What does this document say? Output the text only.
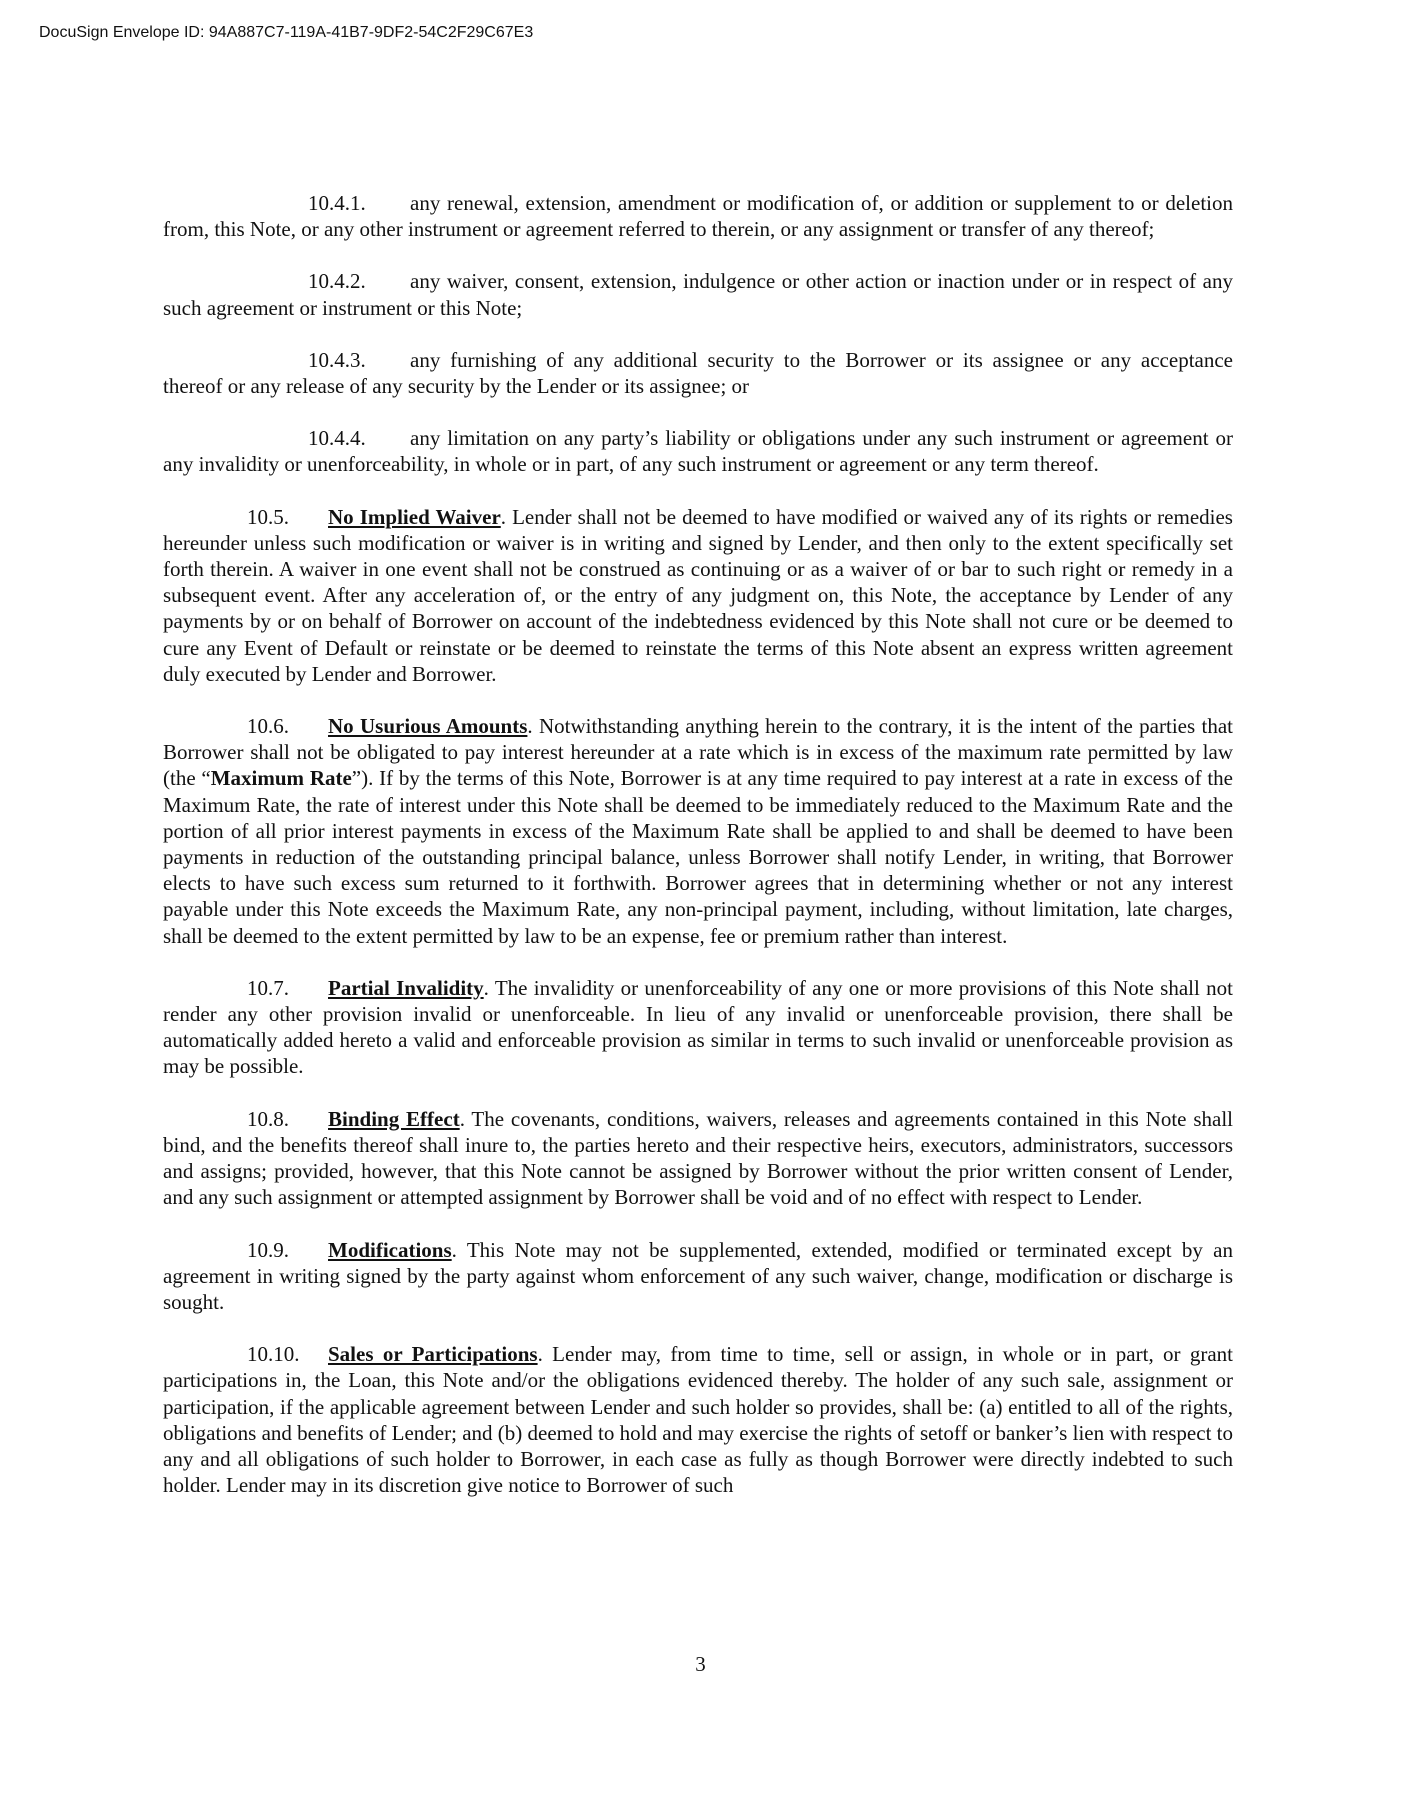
DocuSign Envelope ID: 94A887C7-119A-41B7-9DF2-54C2F29C67E3

10.4.1. any renewal, extension, amendment or modification of, or addition or supplement to or deletion from, this Note, or any other instrument or agreement referred to therein, or any assignment or transfer of any thereof;

10.4.2. any waiver, consent, extension, indulgence or other action or inaction under or in respect of any such agreement or instrument or this Note;

10.4.3. any furnishing of any additional security to the Borrower or its assignee or any acceptance thereof or any release of any security by the Lender or its assignee; or

10.4.4. any limitation on any party’s liability or obligations under any such instrument or agreement or any invalidity or unenforceability, in whole or in part, of any such instrument or agreement or any term thereof.

10.5. No Implied Waiver. Lender shall not be deemed to have modified or waived any of its rights or remedies hereunder unless such modification or waiver is in writing and signed by Lender, and then only to the extent specifically set forth therein. A waiver in one event shall not be construed as continuing or as a waiver of or bar to such right or remedy in a subsequent event. After any acceleration of, or the entry of any judgment on, this Note, the acceptance by Lender of any payments by or on behalf of Borrower on account of the indebtedness evidenced by this Note shall not cure or be deemed to cure any Event of Default or reinstate or be deemed to reinstate the terms of this Note absent an express written agreement duly executed by Lender and Borrower.

10.6. No Usurious Amounts. Notwithstanding anything herein to the contrary, it is the intent of the parties that Borrower shall not be obligated to pay interest hereunder at a rate which is in excess of the maximum rate permitted by law (the “Maximum Rate”). If by the terms of this Note, Borrower is at any time required to pay interest at a rate in excess of the Maximum Rate, the rate of interest under this Note shall be deemed to be immediately reduced to the Maximum Rate and the portion of all prior interest payments in excess of the Maximum Rate shall be applied to and shall be deemed to have been payments in reduction of the outstanding principal balance, unless Borrower shall notify Lender, in writing, that Borrower elects to have such excess sum returned to it forthwith. Borrower agrees that in determining whether or not any interest payable under this Note exceeds the Maximum Rate, any non-principal payment, including, without limitation, late charges, shall be deemed to the extent permitted by law to be an expense, fee or premium rather than interest.

10.7. Partial Invalidity. The invalidity or unenforceability of any one or more provisions of this Note shall not render any other provision invalid or unenforceable. In lieu of any invalid or unenforceable provision, there shall be automatically added hereto a valid and enforceable provision as similar in terms to such invalid or unenforceable provision as may be possible.

10.8. Binding Effect. The covenants, conditions, waivers, releases and agreements contained in this Note shall bind, and the benefits thereof shall inure to, the parties hereto and their respective heirs, executors, administrators, successors and assigns; provided, however, that this Note cannot be assigned by Borrower without the prior written consent of Lender, and any such assignment or attempted assignment by Borrower shall be void and of no effect with respect to Lender.

10.9. Modifications. This Note may not be supplemented, extended, modified or terminated except by an agreement in writing signed by the party against whom enforcement of any such waiver, change, modification or discharge is sought.

10.10. Sales or Participations. Lender may, from time to time, sell or assign, in whole or in part, or grant participations in, the Loan, this Note and/or the obligations evidenced thereby. The holder of any such sale, assignment or participation, if the applicable agreement between Lender and such holder so provides, shall be: (a) entitled to all of the rights, obligations and benefits of Lender; and (b) deemed to hold and may exercise the rights of setoff or banker’s lien with respect to any and all obligations of such holder to Borrower, in each case as fully as though Borrower were directly indebted to such holder. Lender may in its discretion give notice to Borrower of such

3
